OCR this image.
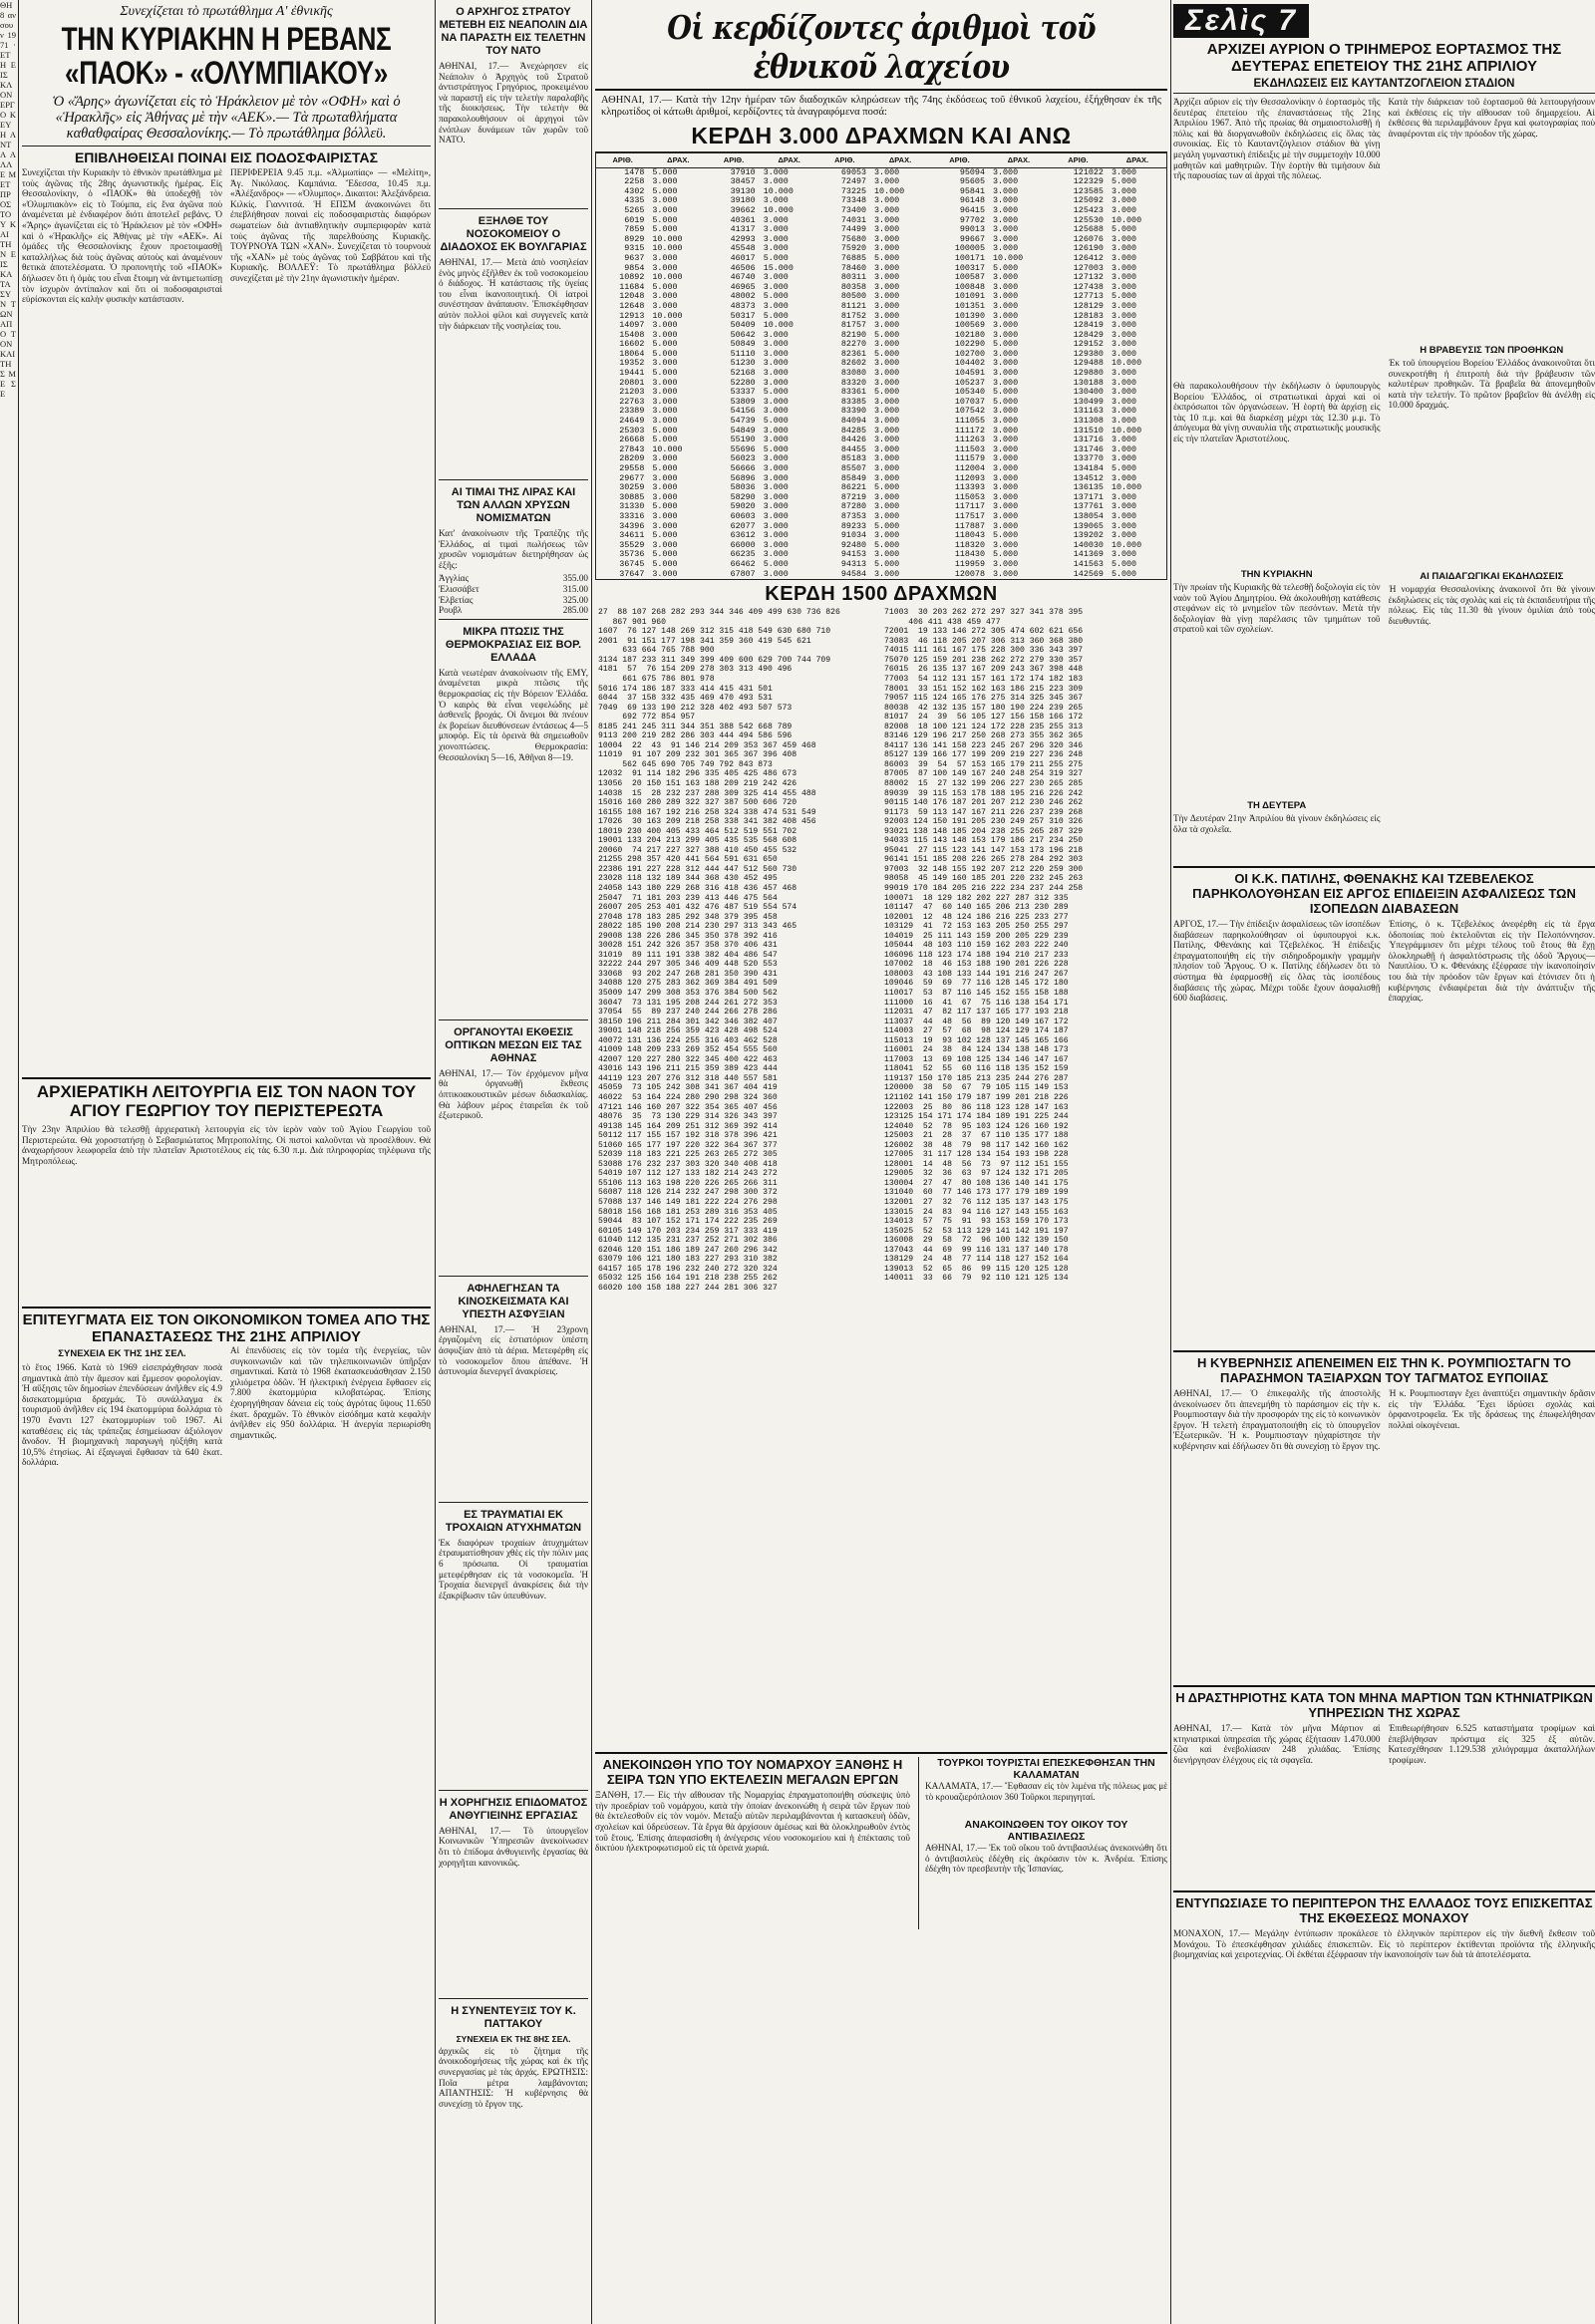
ΘΗ 8 αν σουν 1971 · ΕΤΗ ΕΙΣ ΚΛΟΝ ΕΡΓΟ ΚΕΥΗ ΑΝΤΑ ΑΛΛΕ ΜΕΤ ΠΡΟΣ ΤΟΥ ΚΑΙ ΤΗΝ ΕΙΣ ΚΑΤΑ ΣΥΝ ΤΩΝ ΑΠΟ ΤΟΝ ΚΑΙ ΤΗΣ ΜΕ ΣΕ
Συνεχίζεται τὸ πρωτάθλημα Α' ἐθνικῆς
ΤΗΝ ΚΥΡΙΑΚΗΝ Η ΡΕΒΑΝΣ
«ΠΑΟΚ» - «ΟΛΥΜΠΙΑΚΟΥ»
Ὁ «Ἄρης» ἀγωνίζεται εἰς τὸ Ἡράκλειον μὲ τὸν «ΟΦΗ» καὶ ὁ «Ἡρακλῆς» εἰς Ἀθήνας μὲ τὴν «ΑΕΚ».— Τὰ πρωταθλήματα καθαθφαίρας Θεσσαλονίκης.— Τὸ πρωτάθλημα βόλλεϋ.
ΕΠΙΒΛΗΘΕΙΣΑΙ ΠΟΙΝΑΙ ΕΙΣ ΠΟΔΟΣΦΑΙΡΙΣΤΑΣ
Συνεχίζεται τὴν Κυριακὴν τὸ ἐθνικὸν πρωτάθλημα μὲ τοὺς ἀγῶνας τῆς 28ης ἀγωνιστικῆς ἡμέρας. Εἰς Θεσσαλονίκην, ὁ «ΠΑΟΚ» θὰ ὑποδεχθῇ τὸν «Ὀλυμπιακὸν» εἰς τὸ Τούμπα, εἰς ἕνα ἀγῶνα ποὺ ἀναμένεται μὲ ἐνδιαφέρον διότι ἀποτελεῖ ρεβάνς. Ὁ «Ἄρης» ἀγωνίζεται εἰς τὸ Ἡράκλειον μὲ τὸν «ΟΦΗ» καὶ ὁ «Ἡρακλῆς» εἰς Ἀθήνας μὲ τὴν «ΑΕΚ». Αἱ ὁμάδες τῆς Θεσσαλονίκης ἔχουν προετοιμασθῇ καταλλήλως διὰ τοὺς ἀγῶνας αὐτοὺς καὶ ἀναμένουν θετικὰ ἀποτελέσματα. Ὁ προπονητὴς τοῦ «ΠΑΟΚ» δήλωσεν ὅτι ἡ ὁμὰς του εἶναι ἕτοιμη νὰ ἀντιμετωπίσῃ τὸν ἰσχυρὸν ἀντίπαλον καὶ ὅτι οἱ ποδοσφαιρισταὶ εὑρίσκονται εἰς καλὴν φυσικὴν κατάστασιν.
ΠΕΡΙΦΕΡΕΙΑ 9.45 π.μ. «Ἀλμωπίας» — «Μελίτη», Ἀγ. Νικόλαος. Καμπάνια. Ἔδεσσα, 10.45 π.μ. «Ἀλέξανδρος» — «Ὀλυμπος». Δικαιτοι: Ἀλεξάνδρεια. Κιλκίς. Γιαννιτσά. Ἡ ΕΠΣΜ ἀνακοινώνει ὅτι ἐπεβλήθησαν ποιναὶ εἰς ποδοσφαιριστὰς διαφόρων σωματείων διὰ ἀντιαθλητικὴν συμπεριφορὰν κατὰ τοὺς ἀγῶνας τῆς παρελθούσης Κυριακῆς. ΤΟΥΡΝΟΥΑ ΤΩΝ «ΧΑΝ». Συνεχίζεται τὸ τουρνουὰ τῆς «ΧΑΝ» μὲ τοὺς ἀγῶνας τοῦ Σαββάτου καὶ τῆς Κυριακῆς. ΒΟΛΛΕΫ: Τὸ πρωτάθλημα βόλλεϋ συνεχίζεται μὲ τὴν 21ην ἀγωνιστικὴν ἡμέραν.
ΑΡΧΙΕΡΑΤΙΚΗ ΛΕΙΤΟΥΡΓΙΑ ΕΙΣ ΤΟΝ ΝΑΟΝ ΤΟΥ ΑΓΙΟΥ ΓΕΩΡΓΙΟΥ ΤΟΥ ΠΕΡΙΣΤΕΡΕΩΤΑ
Τὴν 23ην Ἀπριλίου θὰ τελεσθῇ ἀρχιερατικὴ λειτουργία εἰς τὸν ἱερὸν ναὸν τοῦ Ἁγίου Γεωργίου τοῦ Περιστερεώτα. Θὰ χοροστατήσῃ ὁ Σεβασμιώτατος Μητροπολίτης. Οἱ πιστοὶ καλοῦνται νὰ προσέλθουν. Θὰ ἀναχωρήσουν λεωφορεῖα ἀπὸ τὴν πλατεῖαν Ἀριστοτέλους εἰς τὰς 6.30 π.μ. Διὰ πληροφορίας τηλέφωνα τῆς Μητροπόλεως.
ΕΠΙΤΕΥΓΜΑΤΑ ΕΙΣ ΤΟΝ ΟΙΚΟΝΟΜΙΚΟΝ ΤΟΜΕΑ ΑΠΟ ΤΗΣ ΕΠΑΝΑΣΤΑΣΕΩΣ ΤΗΣ 21ΗΣ ΑΠΡΙΛΙΟΥ
ΣΥΝΕΧΕΙΑ ΕΚ ΤΗΣ 1ΗΣ ΣΕΛ.
τὸ ἔτος 1966. Κατὰ τὸ 1969 εἰσεπράχθησαν ποσὰ σημαντικὰ ἀπὸ τὴν ἄμεσον καὶ ἔμμεσον φορολογίαν. Ἡ αὔξησις τῶν δημοσίων ἐπενδύσεων ἀνῆλθεν εἰς 4.9 δισεκατομμύρια δραχμάς. Τὸ συνάλλαγμα ἐκ τουρισμοῦ ἀνῆλθεν εἰς 194 ἑκατομμύρια δολλάρια τὸ 1970 ἔναντι 127 ἑκατομμυρίων τοῦ 1967. Αἱ καταθέσεις εἰς τὰς τράπεζας ἐσημείωσαν ἀξιόλογον ἄνοδον. Ἡ βιομηχανικὴ παραγωγὴ ηὐξήθη κατὰ 10,5% ἐτησίως. Αἱ ἐξαγωγαὶ ἔφθασαν τὰ 640 ἑκατ. δολλάρια.
Αἱ ἐπενδύσεις εἰς τὸν τομέα τῆς ἐνεργείας, τῶν συγκοινωνιῶν καὶ τῶν τηλεπικοινωνιῶν ὑπῆρξαν σημαντικαί. Κατὰ τὸ 1968 ἐκατασκευάσθησαν 2.150 χιλιόμετρα ὁδῶν. Ἡ ἠλεκτρικὴ ἐνέργεια ἔφθασεν εἰς 7.800 ἑκατομμύρια κιλοβατώρας. Ἐπίσης ἐχορηγήθησαν δάνεια εἰς τοὺς ἀγρότας ὕψους 11.650 ἑκατ. δραχμῶν. Τὸ ἐθνικὸν εἰσόδημα κατὰ κεφαλὴν ἀνῆλθεν εἰς 950 δολλάρια. Ἡ ἀνεργία περιωρίσθη σημαντικῶς.
Ο ΑΡΧΗΓΟΣ ΣΤΡΑΤΟΥ ΜΕΤΕΒΗ ΕΙΣ ΝΕΑΠΟΛΙΝ ΔΙΑ ΝΑ ΠΑΡΑΣΤΗ ΕΙΣ ΤΕΛΕΤΗΝ ΤΟΥ ΝΑΤΟ
ΑΘΗΝΑΙ, 17.— Ἀνεχώρησεν εἰς Νεάπολιν ὁ Ἀρχηγὸς τοῦ Στρατοῦ ἀντιστράτηγος Γρηγόριος, προκειμένου νὰ παραστῇ εἰς τὴν τελετὴν παραλαβῆς τῆς διοικήσεως. Τὴν τελετὴν θὰ παρακολουθήσουν οἱ ἀρχηγοὶ τῶν ἐνόπλων δυνάμεων τῶν χωρῶν τοῦ ΝΑΤΟ.
ΕΞΗΛΘΕ ΤΟΥ ΝΟΣΟΚΟΜΕΙΟΥ Ο ΔΙΑΔΟΧΟΣ ΕΚ ΒΟΥΛΓΑΡΙΑΣ
ΑΘΗΝΑΙ, 17.— Μετὰ ἀπὸ νοσηλείαν ἑνὸς μηνὸς ἐξῆλθεν ἐκ τοῦ νοσοκομείου ὁ διάδοχος. Ἡ κατάστασις τῆς ὑγείας του εἶναι ἱκανοποιητική. Οἱ ἰατροὶ συνέστησαν ἀνάπαυσιν. Ἐπισκέφθησαν αὐτὸν πολλοὶ φίλοι καὶ συγγενεῖς κατὰ τὴν διάρκειαν τῆς νοσηλείας του.
ΑΙ ΤΙΜΑΙ ΤΗΣ ΛΙΡΑΣ ΚΑΙ ΤΩΝ ΑΛΛΩΝ ΧΡΥΣΩΝ ΝΟΜΙΣΜΑΤΩΝ
Κατ' ἀνακοίνωσιν τῆς Τραπέζης τῆς Ἑλλάδος, αἱ τιμαὶ πωλήσεως τῶν χρυσῶν νομισμάτων διετηρήθησαν ὡς ἑξῆς:
Ἀγγλίας	355.00
Ἐλισσάβετ	315.00
Ἐλβετίας	325.00
Ρουβλ	285.00
ΜΙΚΡΑ ΠΤΩΣΙΣ ΤΗΣ ΘΕΡΜΟΚΡΑΣΙΑΣ ΕΙΣ ΒΟΡ. ΕΛΛΑΔΑ
Κατὰ νεωτέραν ἀνακοίνωσιν τῆς ΕΜΥ, ἀναμένεται μικρὰ πτῶσις τῆς θερμοκρασίας εἰς τὴν Βόρειον Ἑλλάδα. Ὁ καιρὸς θὰ εἶναι νεφελώδης μὲ ἀσθενεῖς βροχάς. Οἱ ἄνεμοι θὰ πνέουν ἐκ βορείων διευθύνσεων ἐντάσεως 4—5 μποφόρ. Εἰς τὰ ὀρεινὰ θὰ σημειωθοῦν χιονοπτώσεις. Θερμοκρασία: Θεσσαλονίκη 5—16, Ἀθῆναι 8—19.
ΟΡΓΑΝΟΥΤΑΙ ΕΚΘΕΣΙΣ ΟΠΤΙΚΩΝ ΜΕΣΩΝ ΕΙΣ ΤΑΣ ΑΘΗΝΑΣ
ΑΘΗΝΑΙ, 17.— Τὸν ἐρχόμενον μῆνα θὰ ὀργανωθῇ ἔκθεσις ὀπτικοακουστικῶν μέσων διδασκαλίας. Θὰ λάβουν μέρος ἐταιρεῖαι ἐκ τοῦ ἐξωτερικοῦ.
ΑΦΗΛΕΓΗΣΑΝ ΤΑ ΚΙΝΟΣΚΕΙΣΜΑΤΑ ΚΑΙ ΥΠΕΣΤΗ ΑΣΦΥΞΙΑΝ
ΑΘΗΝΑΙ, 17.— Ἡ 23χρονη ἐργαζομένη εἰς ἑστιατόριον ὑπέστη ἀσφυξίαν ἀπὸ τὰ ἀέρια. Μετεφέρθη εἰς τὸ νοσοκομεῖον ὅπου ἀπέθανε. Ἡ ἀστυνομία διενεργεῖ ἀνακρίσεις.
ΕΣ ΤΡΑΥΜΑΤΙΑΙ ΕΚ ΤΡΟΧΑΙΩΝ ΑΤΥΧΗΜΑΤΩΝ
Ἐκ διαφόρων τροχαίων ἀτυχημάτων ἐτραυματίσθησαν χθὲς εἰς τὴν πόλιν μας 6 πρόσωπα. Οἱ τραυματίαι μετεφέρθησαν εἰς τὰ νοσοκομεῖα. Ἡ Τροχαία διενεργεῖ ἀνακρίσεις διὰ τὴν ἐξακρίβωσιν τῶν ὑπευθύνων.
Η ΧΟΡΗΓΗΣΙΣ ΕΠΙΔΟΜΑΤΟΣ ΑΝΘΥΓΙΕΙΝΗΣ ΕΡΓΑΣΙΑΣ
ΑΘΗΝΑΙ, 17.— Τὸ ὑπουργεῖον Κοινωνικῶν Ὑπηρεσιῶν ἀνεκοίνωσεν ὅτι τὸ ἐπίδομα ἀνθυγιεινῆς ἐργασίας θὰ χορηγῆται κανονικῶς.
Η ΣΥΝΕΝΤΕΥΞΙΣ ΤΟΥ Κ. ΠΑΤΤΑΚΟΥ
ΣΥΝΕΧΕΙΑ ΕΚ ΤΗΣ 8ΗΣ ΣΕΛ.
ἀρχικῶς εἰς τὸ ζήτημα τῆς ἀνοικοδομήσεως τῆς χώρας καὶ ἐκ τῆς συνεργασίας μὲ τὰς ἀρχάς. ΕΡΩΤΗΣΙΣ: Ποῖα μέτρα λαμβάνονται; ΑΠΑΝΤΗΣΙΣ: Ἡ κυβέρνησις θὰ συνεχίσῃ τὸ ἔργον της.
Οἱ κερδίζοντες ἀριθμοὶ τοῦ ἐθνικοῦ λαχείου
ΑΘΗΝΑΙ, 17.— Κατὰ τὴν 12ην ἡμέραν τῶν διαδοχικῶν κληρώσεων τῆς 74ης ἐκδόσεως τοῦ ἐθνικοῦ λαχείου, ἐξήχθησαν ἐκ τῆς κληρωτίδος οἱ κάτωθι ἀριθμοί, κερδίζοντες τὰ ἀναγραφόμενα ποσά:
ΚΕΡΔΗ 3.000 ΔΡΑΧΜΩΝ ΚΑΙ ΑΝΩ
ΑΡΙΘ.	ΔΡΑΧ.	ΑΡΙΘ.	ΔΡΑΧ.	ΑΡΙΘ.	ΔΡΑΧ.	ΑΡΙΘ.	ΔΡΑΧ.	ΑΡΙΘ.	ΔΡΑΧ.
1478	5.000	37910	3.000	69053	3.000	95094	3.000	121022	3.000
2258	3.000	38457	3.000	72497	3.000	95605	3.000	122329	5.000
4302	5.000	39130	10.000	73225	10.000	95841	3.000	123585	3.000
4335	3.000	39180	3.000	73348	3.000	96148	3.000	125092	3.000
5265	3.000	39662	10.000	73400	3.000	96415	3.000	125423	3.000
6019	5.000	40361	3.000	74031	3.000	97702	3.000	125530	10.000
7859	5.000	41317	3.000	74499	3.000	99013	3.000	125688	5.000
8929	10.000	42993	3.000	75680	3.000	99667	3.000	126076	3.000
9315	10.000	45548	3.000	75920	3.000	100005	3.000	126190	3.000
9637	3.000	46017	5.000	76885	5.000	100171	10.000	126412	3.000
9854	3.000	46506	15.000	78460	3.000	100317	5.000	127003	3.000
10892	10.000	46740	3.000	80311	3.000	100587	3.000	127132	3.000
11684	5.000	46965	3.000	80358	3.000	100848	3.000	127438	3.000
12048	3.000	48002	5.000	80500	3.000	101091	3.000	127713	5.000
12648	3.000	48373	3.000	81121	3.000	101351	3.000	128129	3.000
12913	10.000	50317	5.000	81752	3.000	101390	3.000	128183	3.000
14097	3.000	50409	10.000	81757	3.000	100569	3.000	128419	3.000
15408	3.000	50642	3.000	82190	5.000	102180	3.000	128429	3.000
16602	5.000	50849	3.000	82270	3.000	102290	5.000	129152	3.000
18064	5.000	51110	3.000	82361	5.000	102700	3.000	129380	3.000
19352	3.000	51230	3.000	82602	3.000	104402	3.000	129488	10.000
19441	5.000	52168	3.000	83080	3.000	104591	3.000	129880	3.000
20801	3.000	52280	3.000	83320	3.000	105237	3.000	130188	3.000
21203	3.000	53337	5.000	83361	5.000	105340	5.000	130400	3.000
22763	3.000	53809	3.000	83385	3.000	107037	5.000	130499	3.000
23389	3.000	54156	3.000	83390	3.000	107542	3.000	131163	3.000
24649	3.000	54739	5.000	84094	3.000	111055	3.000	131308	3.000
25303	5.000	54849	3.000	84285	3.000	111172	3.000	131510	10.000
26668	5.000	55190	3.000	84426	3.000	111263	3.000	131716	3.000
27843	10.000	55696	5.000	84455	3.000	111503	3.000	131746	3.000
28209	3.000	56023	3.000	85183	3.000	111579	3.000	133770	3.000
29558	5.000	56666	3.000	85507	3.000	112004	3.000	134184	5.000
29677	3.000	56896	3.000	85849	3.000	112093	3.000	134512	3.000
30259	3.000	58036	3.000	86221	5.000	113393	3.000	136135	10.000
30885	3.000	58290	3.000	87219	3.000	115053	3.000	137171	3.000
31330	5.000	59020	3.000	87280	3.000	117117	3.000	137761	3.000
33316	3.000	60603	3.000	87353	3.000	117517	3.000	138054	3.000
34396	3.000	62077	3.000	89233	5.000	117887	3.000	139065	3.000
34611	5.000	63612	3.000	91034	3.000	118043	5.000	139202	3.000
35529	3.000	66000	3.000	92480	5.000	118320	3.000	140030	10.000
35736	5.000	66235	3.000	94153	3.000	118430	5.000	141369	3.000
36745	5.000	66462	5.000	94313	5.000	119959	3.000	141563	5.000
37647	3.000	67807	3.000	94584	3.000	120078	3.000	142569	5.000
ΚΕΡΔΗ 1500 ΔΡΑΧΜΩΝ
27  88 107 268 282 293 344 346 409 499 630 736 826
867 901 960
1607  76 127 148 269 312 315 418 549 630 680 710
2001  91 151 177 198 341 359 360 419 545 621
633 664 765 788 900
3134 187 233 311 349 399 409 600 629 700 744 709
4181  57  76 154 209 278 303 313 490 496
661 675 786 801 978
5016 174 186 187 333 414 415 431 501
6044  37 158 332 435 469 470 493 531
7049  69 133 190 212 328 402 493 507 573
692 772 854 957
8185 241 245 311 344 351 388 542 668 789
9113 200 219 282 286 303 444 494 586 596
10004  22  43  91 146 214 209 353 367 459 468
11019  91 107 209 232 301 365 367 396 408
562 645 690 705 749 792 843 873
12032  91 114 182 296 335 405 425 486 673
13056  20 150 151 163 188 209 219 242 426
14038  15  28 232 237 288 309 325 414 455 488
15016 160 280 289 322 327 387 500 606 720
16155 108 167 192 216 258 324 338 474 531 549
17026  30 163 209 218 258 338 341 382 408 456
18019 230 400 405 433 464 512 519 551 702
19001 133 204 213 299 405 435 535 568 608
20060  74 217 227 327 388 410 450 455 532
21255 298 357 420 441 564 591 631 650
22386 191 227 228 312 444 447 512 560 730
23028 118 132 189 344 368 430 452 495
24058 143 180 229 268 316 418 436 457 468
25047  71 181 203 239 413 446 475 564
26007 205 253 401 432 476 487 519 554 574
27048 178 183 285 292 348 379 395 458
28022 185 190 208 214 230 297 313 343 465
29008 138 226 286 345 350 378 392 416
30028 151 242 326 357 358 370 406 431
31019  89 111 191 338 382 404 486 547
32222 244 297 305 346 409 448 520 553
33068  93 202 247 268 281 350 390 431
34088 120 275 283 362 369 384 491 509
35009 147 299 308 353 376 384 500 562
36047  73 131 195 208 244 261 272 353
37054  55  89 237 240 244 266 278 286
38150 196 211 284 301 342 346 382 407
39001 148 218 256 359 423 428 498 524
40072 131 136 224 255 316 403 462 528
41009 148 209 233 269 352 454 555 560
42007 120 227 280 322 345 400 422 463
43016 143 196 211 215 359 389 423 444
44119 123 207 276 312 318 440 557 581
45059  73 105 242 308 341 367 404 419
46022  53 164 224 280 290 298 324 360
47121 146 160 207 322 354 365 407 456
48076  35  73 130 229 314 326 343 397
49138 145 164 209 251 312 369 392 414
50112 117 155 157 192 318 378 396 421
51060 165 177 197 220 322 364 367 377
52039 118 183 221 225 263 265 272 305
53088 176 232 237 303 320 340 408 418
54019 107 112 127 133 182 214 243 272
55106 113 163 198 220 226 265 266 311
56087 118 126 214 232 247 298 300 372
57088 137 146 149 181 222 224 276 298
58018 156 168 181 253 289 316 353 405
59044  83 107 152 171 174 222 235 269
60105 149 170 203 234 259 317 333 419
61040 112 135 231 237 252 271 302 386
62046 120 151 186 189 247 260 296 342
63079 106 121 180 183 227 293 310 382
64157 165 178 196 232 240 272 320 324
65032 125 156 164 191 218 238 255 262
66020 100 158 188 227 244 281 306 327
71003  30 203 262 272 297 327 341 378 395
406 411 438 459 477
72001  19 133 146 272 305 474 602 621 656
73083  46 118 205 207 306 313 360 368 380
74015 111 161 167 175 228 300 336 343 397
75070 125 159 201 238 262 272 279 330 357
76015  26 135 137 167 209 243 367 398 448
77003  54 112 131 157 161 172 174 182 183
78001  33 151 152 162 163 186 215 223 309
79057 115 124 165 176 275 314 325 345 367
80038  42 132 135 157 180 190 224 239 265
81017  24  39  56 105 127 156 158 166 172
82008  18 100 121 124 172 228 235 255 313
83146 129 196 217 250 268 273 355 362 365
84117 136 141 158 223 245 267 296 320 346
85127 139 166 177 199 209 219 227 236 248
86003  39  54  57 153 165 179 211 255 275
87005  87 100 149 167 240 248 254 319 327
88002  15  27 132 199 206 227 230 265 285
89039  39 115 153 178 188 195 216 226 242
90115 140 176 187 201 207 212 230 246 262
91173  59 113 147 167 211 226 237 239 268
92003 124 150 191 205 230 249 257 310 326
93021 138 148 185 204 238 255 265 287 329
94033 115 143 148 153 179 186 217 234 250
95041  27 115 123 141 147 153 173 196 218
96141 151 185 208 226 265 278 284 292 303
97003  32 148 155 192 207 212 220 259 300
98058  45 149 160 185 201 220 232 245 263
99019 170 184 205 216 222 234 237 244 258
100071  18 129 182 202 227 287 312 335
101147  47  60 140 165 206 213 230 289
102001  12  48 124 186 216 225 233 277
103129  41  72 153 163 205 250 255 297
104019  25 111 143 159 200 205 229 239
105044  48 103 110 159 162 203 222 240
106096 118 123 174 188 194 210 217 233
107002  18  46 153 188 190 201 226 228
108003  43 108 133 144 191 216 247 267
109046  59  69  77 116 128 145 172 180
110017  53  87 116 145 152 155 158 188
111000  16  41  67  75 116 138 154 171
112031  47  82 117 137 165 177 193 218
113037  44  48  56  89 120 149 167 172
114003  27  57  68  98 124 129 174 187
115013  19  93 102 128 137 145 165 166
116001  24  38  84 124 134 138 148 173
117003  13  69 108 125 134 146 147 167
118041  52  55  60 116 118 135 152 159
119137 150 170 185 213 235 244 276 287
120000  38  50  67  79 105 115 149 153
121102 141 150 179 187 199 201 218 226
122003  25  80  86 118 123 128 147 163
123125 154 171 174 184 189 191 225 244
124040  52  78  95 103 124 126 160 192
125003  21  28  37  67 110 135 177 188
126002  38  48  79  98 117 142 160 162
127005  31 117 128 134 154 193 198 228
128001  14  48  56  73  97 112 151 155
129005  32  36  63  97 124 132 171 205
130004  27  47  80 108 136 140 141 175
131040  60  77 146 173 177 179 189 199
132001  27  32  76 112 135 137 143 175
133015  24  83  94 116 127 143 155 163
134013  57  75  91  93 153 159 170 173
135025  52  53 113 129 141 142 191 197
136008  29  58  72  96 100 132 139 150
137043  44  69  99 116 131 137 140 178
138129  24  48  77 114 118 127 152 164
139013  52  65  86  99 115 120 125 128
140011  33  66  79  92 110 121 125 134
ΑΝΕΚΟΙΝΩΘΗ ΥΠΟ ΤΟΥ ΝΟΜΑΡΧΟΥ ΞΑΝΘΗΣ Η ΣΕΙΡΑ ΤΩΝ ΥΠΟ ΕΚΤΕΛΕΣΙΝ ΜΕΓΑΛΩΝ ΕΡΓΩΝ
ΞΑΝΘΗ, 17.— Εἰς τὴν αἴθουσαν τῆς Νομαρχίας ἐπραγματοποιήθη σύσκεψις ὑπὸ τὴν προεδρίαν τοῦ νομάρχου, κατὰ τὴν ὁποίαν ἀνεκοινώθη ἡ σειρὰ τῶν ἔργων ποὺ θὰ ἐκτελεσθοῦν εἰς τὸν νομόν. Μεταξὺ αὐτῶν περιλαμβάνονται ἡ κατασκευὴ ὁδῶν, σχολείων καὶ ὑδρεύσεων. Τὰ ἔργα θὰ ἀρχίσουν ἀμέσως καὶ θὰ ὁλοκληρωθοῦν ἐντὸς τοῦ ἔτους. Ἐπίσης ἀπεφασίσθη ἡ ἀνέγερσις νέου νοσοκομείου καὶ ἡ ἐπέκτασις τοῦ δικτύου ἠλεκτροφωτισμοῦ εἰς τὰ ὀρεινὰ χωριά.
ΤΟΥΡΚΟΙ ΤΟΥΡΙΣΤΑΙ ΕΠΕΣΚΕΦΘΗΣΑΝ ΤΗΝ ΚΑΛΑΜΑΤΑΝ
ΚΑΛΑΜΑΤΑ, 17.— Ἔφθασαν εἰς τὸν λιμένα τῆς πόλεως μας μὲ τὸ κρουαζιερόπλοιον 360 Τοῦρκοι περιηγηταί.
ΑΝΑΚΟΙΝΩΘΕΝ ΤΟΥ ΟΙΚΟΥ ΤΟΥ ΑΝΤΙΒΑΣΙΛΕΩΣ
ΑΘΗΝΑΙ, 17.— Ἐκ τοῦ οἴκου τοῦ ἀντιβασιλέως ἀνεκοινώθη ὅτι ὁ ἀντιβασιλεὺς ἐδέχθη εἰς ἀκρόασιν τὸν κ. Ἀνδρέα. Ἐπίσης ἐδέχθη τὸν πρεσβευτὴν τῆς Ἰσπανίας.
Σελὶς 7
ΑΡΧΙΖΕΙ ΑΥΡΙΟΝ Ο ΤΡΙΗΜΕΡΟΣ ΕΟΡΤΑΣΜΟΣ ΤΗΣ ΔΕΥΤΕΡΑΣ ΕΠΕΤΕΙΟΥ ΤΗΣ 21ΗΣ ΑΠΡΙΛΙΟΥ
ΕΚΔΗΛΩΣΕΙΣ ΕΙΣ ΚΑΥΤΑΝΤΖΟΓΛΕΙΟΝ ΣΤΑΔΙΟΝ
Ἀρχίζει αὔριον εἰς τὴν Θεσσαλονίκην ὁ ἑορτασμὸς τῆς δευτέρας ἐπετείου τῆς ἐπαναστάσεως τῆς 21ης Ἀπριλίου 1967. Ἀπὸ τῆς πρωίας θὰ σημαιοστολισθῇ ἡ πόλις καὶ θὰ διοργανωθοῦν ἐκδηλώσεις εἰς ὅλας τὰς συνοικίας. Εἰς τὸ Καυταντζόγλειον στάδιον θὰ γίνῃ μεγάλη γυμναστικὴ ἐπίδειξις μὲ τὴν συμμετοχὴν 10.000 μαθητῶν καὶ μαθητριῶν. Τὴν ἑορτὴν θὰ τιμήσουν διὰ τῆς παρουσίας των αἱ ἀρχαὶ τῆς πόλεως.
Θὰ παρακολουθήσουν τὴν ἐκδήλωσιν ὁ ὑφυπουργὸς Βορείου Ἑλλάδος, οἱ στρατιωτικαὶ ἀρχαὶ καὶ οἱ ἐκπρόσωποι τῶν ὀργανώσεων. Ἡ ἑορτὴ θὰ ἀρχίσῃ εἰς τὰς 10 π.μ. καὶ θὰ διαρκέσῃ μέχρι τὰς 12.30 μ.μ. Τὸ ἀπόγευμα θὰ γίνῃ συναυλία τῆς στρατιωτικῆς μουσικῆς εἰς τὴν πλατεῖαν Ἀριστοτέλους.
ΤΗΝ ΚΥΡΙΑΚΗΝ
Τὴν πρωίαν τῆς Κυριακῆς θὰ τελεσθῇ δοξολογία εἰς τὸν ναὸν τοῦ Ἁγίου Δημητρίου. Θὰ ἀκολουθήσῃ κατάθεσις στεφάνων εἰς τὸ μνημεῖον τῶν πεσόντων. Μετὰ τὴν δοξολογίαν θὰ γίνῃ παρέλασις τῶν τμημάτων τοῦ στρατοῦ καὶ τῶν σχολείων.
ΤΗ ΔΕΥΤΕΡΑ
Τὴν Δευτέραν 21ην Ἀπριλίου θὰ γίνουν ἐκδηλώσεις εἰς ὅλα τὰ σχολεῖα.
Κατὰ τὴν διάρκειαν τοῦ ἑορτασμοῦ θὰ λειτουργήσουν καὶ ἐκθέσεις εἰς τὴν αἴθουσαν τοῦ δημαρχείου. Αἱ ἐκθέσεις θὰ περιλαμβάνουν ἔργα καὶ φωτογραφίας ποὺ ἀναφέρονται εἰς τὴν πρόοδον τῆς χώρας.
Η ΒΡΑΒΕΥΣΙΣ ΤΩΝ ΠΡΟΘΗΚΩΝ
Ἐκ τοῦ ὑπουργείου Βορείου Ἑλλάδος ἀνακοινοῦται ὅτι συνεκροτήθη ἡ ἐπιτροπὴ διὰ τὴν βράβευσιν τῶν καλυτέρων προθηκῶν. Τὰ βραβεῖα θὰ ἀπονεμηθοῦν κατὰ τὴν τελετήν. Τὸ πρῶτον βραβεῖον θὰ ἀνέλθῃ εἰς 10.000 δραχμάς.
ΑΙ ΠΑΙΔΑΓΩΓΙΚΑΙ ΕΚΔΗΛΩΣΕΙΣ
Ἡ νομαρχία Θεσσαλονίκης ἀνακοινοῖ ὅτι θὰ γίνουν ἐκδηλώσεις εἰς τὰς σχολὰς καὶ εἰς τὰ ἐκπαιδευτήρια τῆς πόλεως. Εἰς τὰς 11.30 θὰ γίνουν ὁμιλίαι ἀπὸ τοὺς διευθυντάς.
ΟΙ Κ.Κ. ΠΑΤΙΛΗΣ, ΦΘΕΝΑΚΗΣ ΚΑΙ ΤΖΕΒΕΛΕΚΟΣ ΠΑΡΗΚΟΛΟΥΘΗΣΑΝ ΕΙΣ ΑΡΓΟΣ ΕΠΙΔΕΙΞΙΝ ΑΣΦΑΛΙΣΕΩΣ ΤΩΝ ΙΣΟΠΕΔΩΝ ΔΙΑΒΑΣΕΩΝ
ΑΡΓΟΣ, 17.— Τὴν ἐπίδειξιν ἀσφαλίσεως τῶν ἰσοπέδων διαβάσεων παρηκολούθησαν οἱ ὑφυπουργοὶ κ.κ. Πατίλης, Φθενάκης καὶ Τζεβελέκος. Ἡ ἐπίδειξις ἐπραγματοποιήθη εἰς τὴν σιδηροδρομικὴν γραμμὴν πλησίον τοῦ Ἄργους. Ὁ κ. Πατίλης ἐδήλωσεν ὅτι τὸ σύστημα θὰ ἐφαρμοσθῇ εἰς ὅλας τὰς ἰσοπέδους διαβάσεις τῆς χώρας. Μέχρι τοῦδε ἔχουν ἀσφαλισθῇ 600 διαβάσεις.
Ἐπίσης, ὁ κ. Τζεβελέκος ἀνεφέρθη εἰς τὰ ἔργα ὁδοποιίας ποὺ ἐκτελοῦνται εἰς τὴν Πελοπόννησον. Ὑπεγράμμισεν ὅτι μέχρι τέλους τοῦ ἔτους θὰ ἔχῃ ὁλοκληρωθῇ ἡ ἀσφαλτόστρωσις τῆς ὁδοῦ Ἄργους—Ναυπλίου. Ὁ κ. Φθενάκης ἐξέφρασε τὴν ἱκανοποίησίν του διὰ τὴν πρόοδον τῶν ἔργων καὶ ἐτόνισεν ὅτι ἡ κυβέρνησις ἐνδιαφέρεται διὰ τὴν ἀνάπτυξιν τῆς ἐπαρχίας.
Η ΚΥΒΕΡΝΗΣΙΣ ΑΠΕΝΕΙΜΕΝ ΕΙΣ ΤΗΝ Κ. ΡΟΥΜΠΙΟΣΤΑΓΝ ΤΟ ΠΑΡΑΣΗΜΟΝ ΤΑΞΙΑΡΧΩΝ ΤΟΥ ΤΑΓΜΑΤΟΣ ΕΥΠΟΙΙΑΣ
ΑΘΗΝΑΙ, 17.— Ὁ ἐπικεφαλῆς τῆς ἀποστολῆς ἀνεκοίνωσεν ὅτι ἀπενεμήθη τὸ παράσημον εἰς τὴν κ. Ρουμπιοσταγν διὰ τὴν προσφοράν της εἰς τὸ κοινωνικὸν ἔργον. Ἡ τελετὴ ἐπραγματοποιήθη εἰς τὸ ὑπουργεῖον Ἐξωτερικῶν. Ἡ κ. Ρουμπιοσταγν ηὐχαρίστησε τὴν κυβέρνησιν καὶ ἐδήλωσεν ὅτι θὰ συνεχίσῃ τὸ ἔργον της.
Ἡ κ. Ρουμπιοσταγν ἔχει ἀναπτύξει σημαντικὴν δρᾶσιν εἰς τὴν Ἑλλάδα. Ἔχει ἱδρύσει σχολὰς καὶ ὀρφανοτροφεῖα. Ἐκ τῆς δράσεως της ἐπωφελήθησαν πολλαὶ οἰκογένειαι.
Η ΔΡΑΣΤΗΡΙΟΤΗΣ ΚΑΤΑ ΤΟΝ ΜΗΝΑ ΜΑΡΤΙΟΝ ΤΩΝ ΚΤΗΝΙΑΤΡΙΚΩΝ ΥΠΗΡΕΣΙΩΝ ΤΗΣ ΧΩΡΑΣ
ΑΘΗΝΑΙ, 17.— Κατὰ τὸν μῆνα Μάρτιον αἱ κτηνιατρικαὶ ὑπηρεσίαι τῆς χώρας ἐξήτασαν 1.470.000 ζῶα καὶ ἐνεβολίασαν 248 χιλιάδας. Ἐπίσης διενήργησαν ἐλέγχους εἰς τὰ σφαγεῖα.
Ἐπιθεωρήθησαν 6.525 καταστήματα τροφίμων καὶ ἐπεβλήθησαν πρόστιμα εἰς 325 ἐξ αὐτῶν. Κατεσχέθησαν 1.129.538 χιλιόγραμμα ἀκαταλλήλων τροφίμων.
ΕΝΤΥΠΩΣΙΑΣΕ ΤΟ ΠΕΡΙΠΤΕΡΟΝ ΤΗΣ ΕΛΛΑΔΟΣ ΤΟΥΣ ΕΠΙΣΚΕΠΤΑΣ ΤΗΣ ΕΚΘΕΣΕΩΣ ΜΟΝΑΧΟΥ
ΜΟΝΑΧΟΝ, 17.— Μεγάλην ἐντύπωσιν προκάλεσε τὸ ἑλληνικὸν περίπτερον εἰς τὴν διεθνῆ ἔκθεσιν τοῦ Μονάχου. Τὸ ἐπεσκέφθησαν χιλιάδες ἐπισκεπτῶν. Εἰς τὸ περίπτερον ἐκτίθενται προϊόντα τῆς ἑλληνικῆς βιομηχανίας καὶ χειροτεχνίας. Οἱ ἐκθέται ἐξέφρασαν τὴν ἱκανοποίησίν των διὰ τὰ ἀποτελέσματα.
